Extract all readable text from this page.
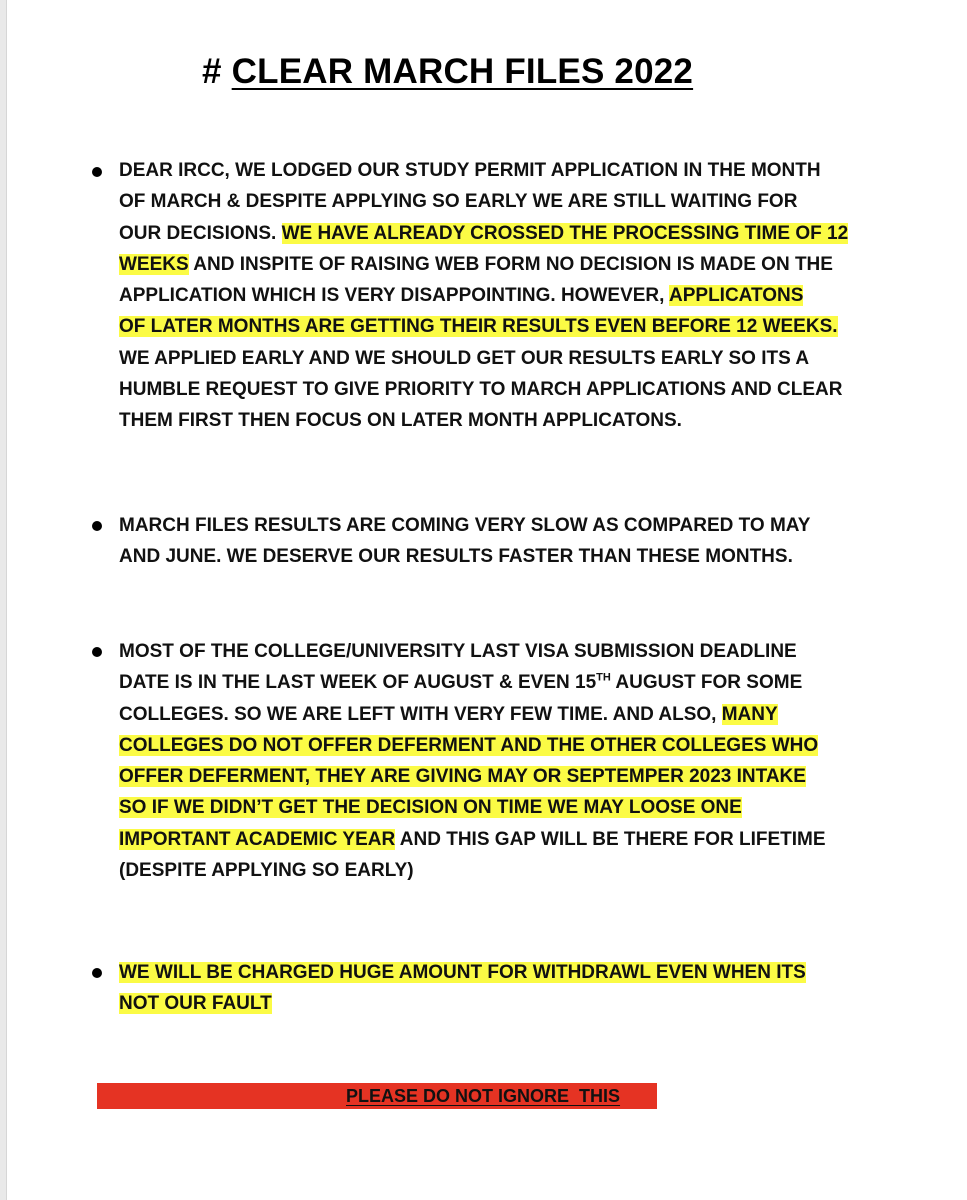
# CLEAR MARCH FILES 2022
DEAR IRCC, WE LODGED OUR STUDY PERMIT APPLICATION IN THE MONTH
OF MARCH & DESPITE APPLYING SO EARLY WE ARE STILL WAITING FOR
OUR DECISIONS. WE HAVE ALREADY CROSSED THE PROCESSING TIME OF 12
WEEKS AND INSPITE OF RAISING WEB FORM NO DECISION IS MADE ON THE
APPLICATION WHICH IS VERY DISAPPOINTING. HOWEVER, APPLICATONS
OF LATER MONTHS ARE GETTING THEIR RESULTS EVEN BEFORE 12 WEEKS.
WE APPLIED EARLY AND WE SHOULD GET OUR RESULTS EARLY SO ITS A
HUMBLE REQUEST TO GIVE PRIORITY TO MARCH APPLICATIONS AND CLEAR
THEM FIRST THEN FOCUS ON LATER MONTH APPLICATONS.
MARCH FILES RESULTS ARE COMING VERY SLOW AS COMPARED TO MAY
AND JUNE. WE DESERVE OUR RESULTS FASTER THAN THESE MONTHS.
MOST OF THE COLLEGE/UNIVERSITY LAST VISA SUBMISSION DEADLINE
DATE IS IN THE LAST WEEK OF AUGUST & EVEN 15TH AUGUST FOR SOME
COLLEGES. SO WE ARE LEFT WITH VERY FEW TIME. AND ALSO, MANY
COLLEGES DO NOT OFFER DEFERMENT AND THE OTHER COLLEGES WHO
OFFER DEFERMENT, THEY ARE GIVING MAY OR SEPTEMPER 2023 INTAKE
SO IF WE DIDN’T GET THE DECISION ON TIME WE MAY LOOSE ONE
IMPORTANT ACADEMIC YEAR AND THIS GAP WILL BE THERE FOR LIFETIME
(DESPITE APPLYING SO EARLY)
WE WILL BE CHARGED HUGE AMOUNT FOR WITHDRAWL EVEN WHEN ITS
NOT OUR FAULT
PLEASE DO NOT IGNORE  THIS
